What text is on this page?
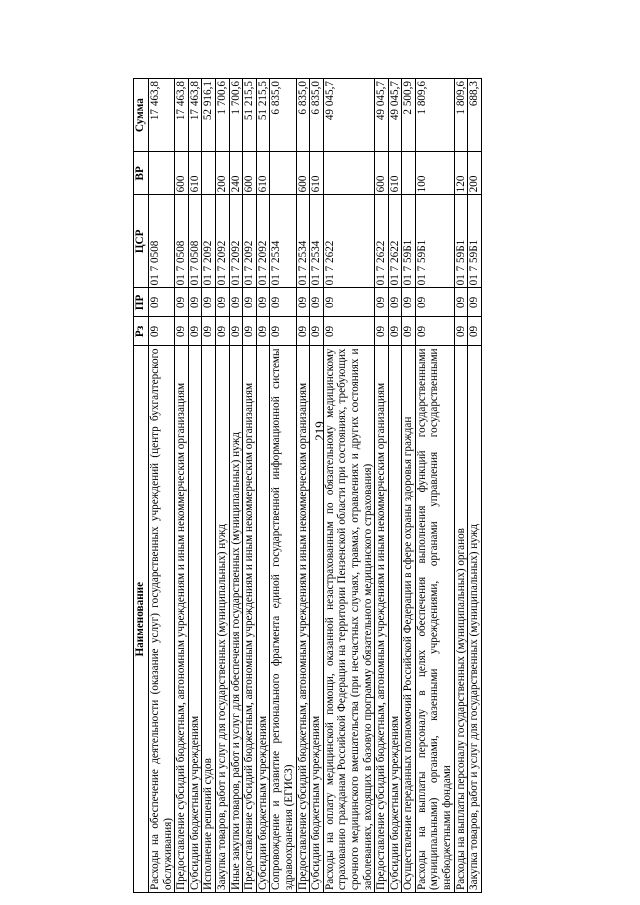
219
Наименование	Рз	ПР	ЦСР	ВР	Сумма
Расходы на обеспечение деятельности (оказание услуг) государственных учреждений (центр бухгалтерского обслуживания)	09	09	01 7 0508		17 463,8
Предоставление субсидий бюджетным, автономным учреждениям и иным некоммерческим организациям	09	09	01 7 0508	600	17 463,8
Субсидии бюджетным учреждениям	09	09	01 7 0508	610	17 463,8
Исполнение решений судов	09	09	01 7 2092		52 916,1
Закупка товаров, работ и услуг для государственных (муниципальных) нужд	09	09	01 7 2092	200	1 700,6
Иные закупки товаров, работ и услуг для обеспечения государственных (муниципальных) нужд	09	09	01 7 2092	240	1 700,6
Предоставление субсидий бюджетным, автономным учреждениям и иным некоммерческим организациям	09	09	01 7 2092	600	51 215,5
Субсидии бюджетным учреждениям	09	09	01 7 2092	610	51 215,5
Сопровождение и развитие регионального фрагмента единой государственной информационной системы здравоохранения (ЕГИСЗ)	09	09	01 7 2534		6 835,0
Предоставление субсидий бюджетным, автономным учреждениям и иным некоммерческим организациям	09	09	01 7 2534	600	6 835,0
Субсидии бюджетным учреждениям	09	09	01 7 2534	610	6 835,0
Расходы на оплату медицинской помощи, оказанной незастрахованным по обязательному медицинскому страхованию гражданам Российской Федерации на территории Пензенской области при состояниях, требующих срочного медицинского вмешательства (при несчастных случаях, травмах, отравлениях и других состояниях и заболеваниях, входящих в базовую программу обязательного медицинского страхования)	09	09	01 7 2622		49 045,7
Предоставление субсидий бюджетным, автономным учреждениям и иным некоммерческим организациям	09	09	01 7 2622	600	49 045,7
Субсидии бюджетным учреждениям	09	09	01 7 2622	610	49 045,7
Осуществление переданных полномочий Российской Федерации в сфере охраны здоровья граждан	09	09	01 7 59Б1		2 500,9
Расходы на выплаты персоналу в целях обеспечения выполнения функций государственными (муниципальными) органами, казенными учреждениями, органами управления государственными внебюджетными фондами	09	09	01 7 59Б1	100	1 809,6
Расходы на выплаты персоналу государственных (муниципальных) органов	09	09	01 7 59Б1	120	1 809,6
Закупка товаров, работ и услуг для государственных (муниципальных) нужд	09	09	01 7 59Б1	200	688,3
